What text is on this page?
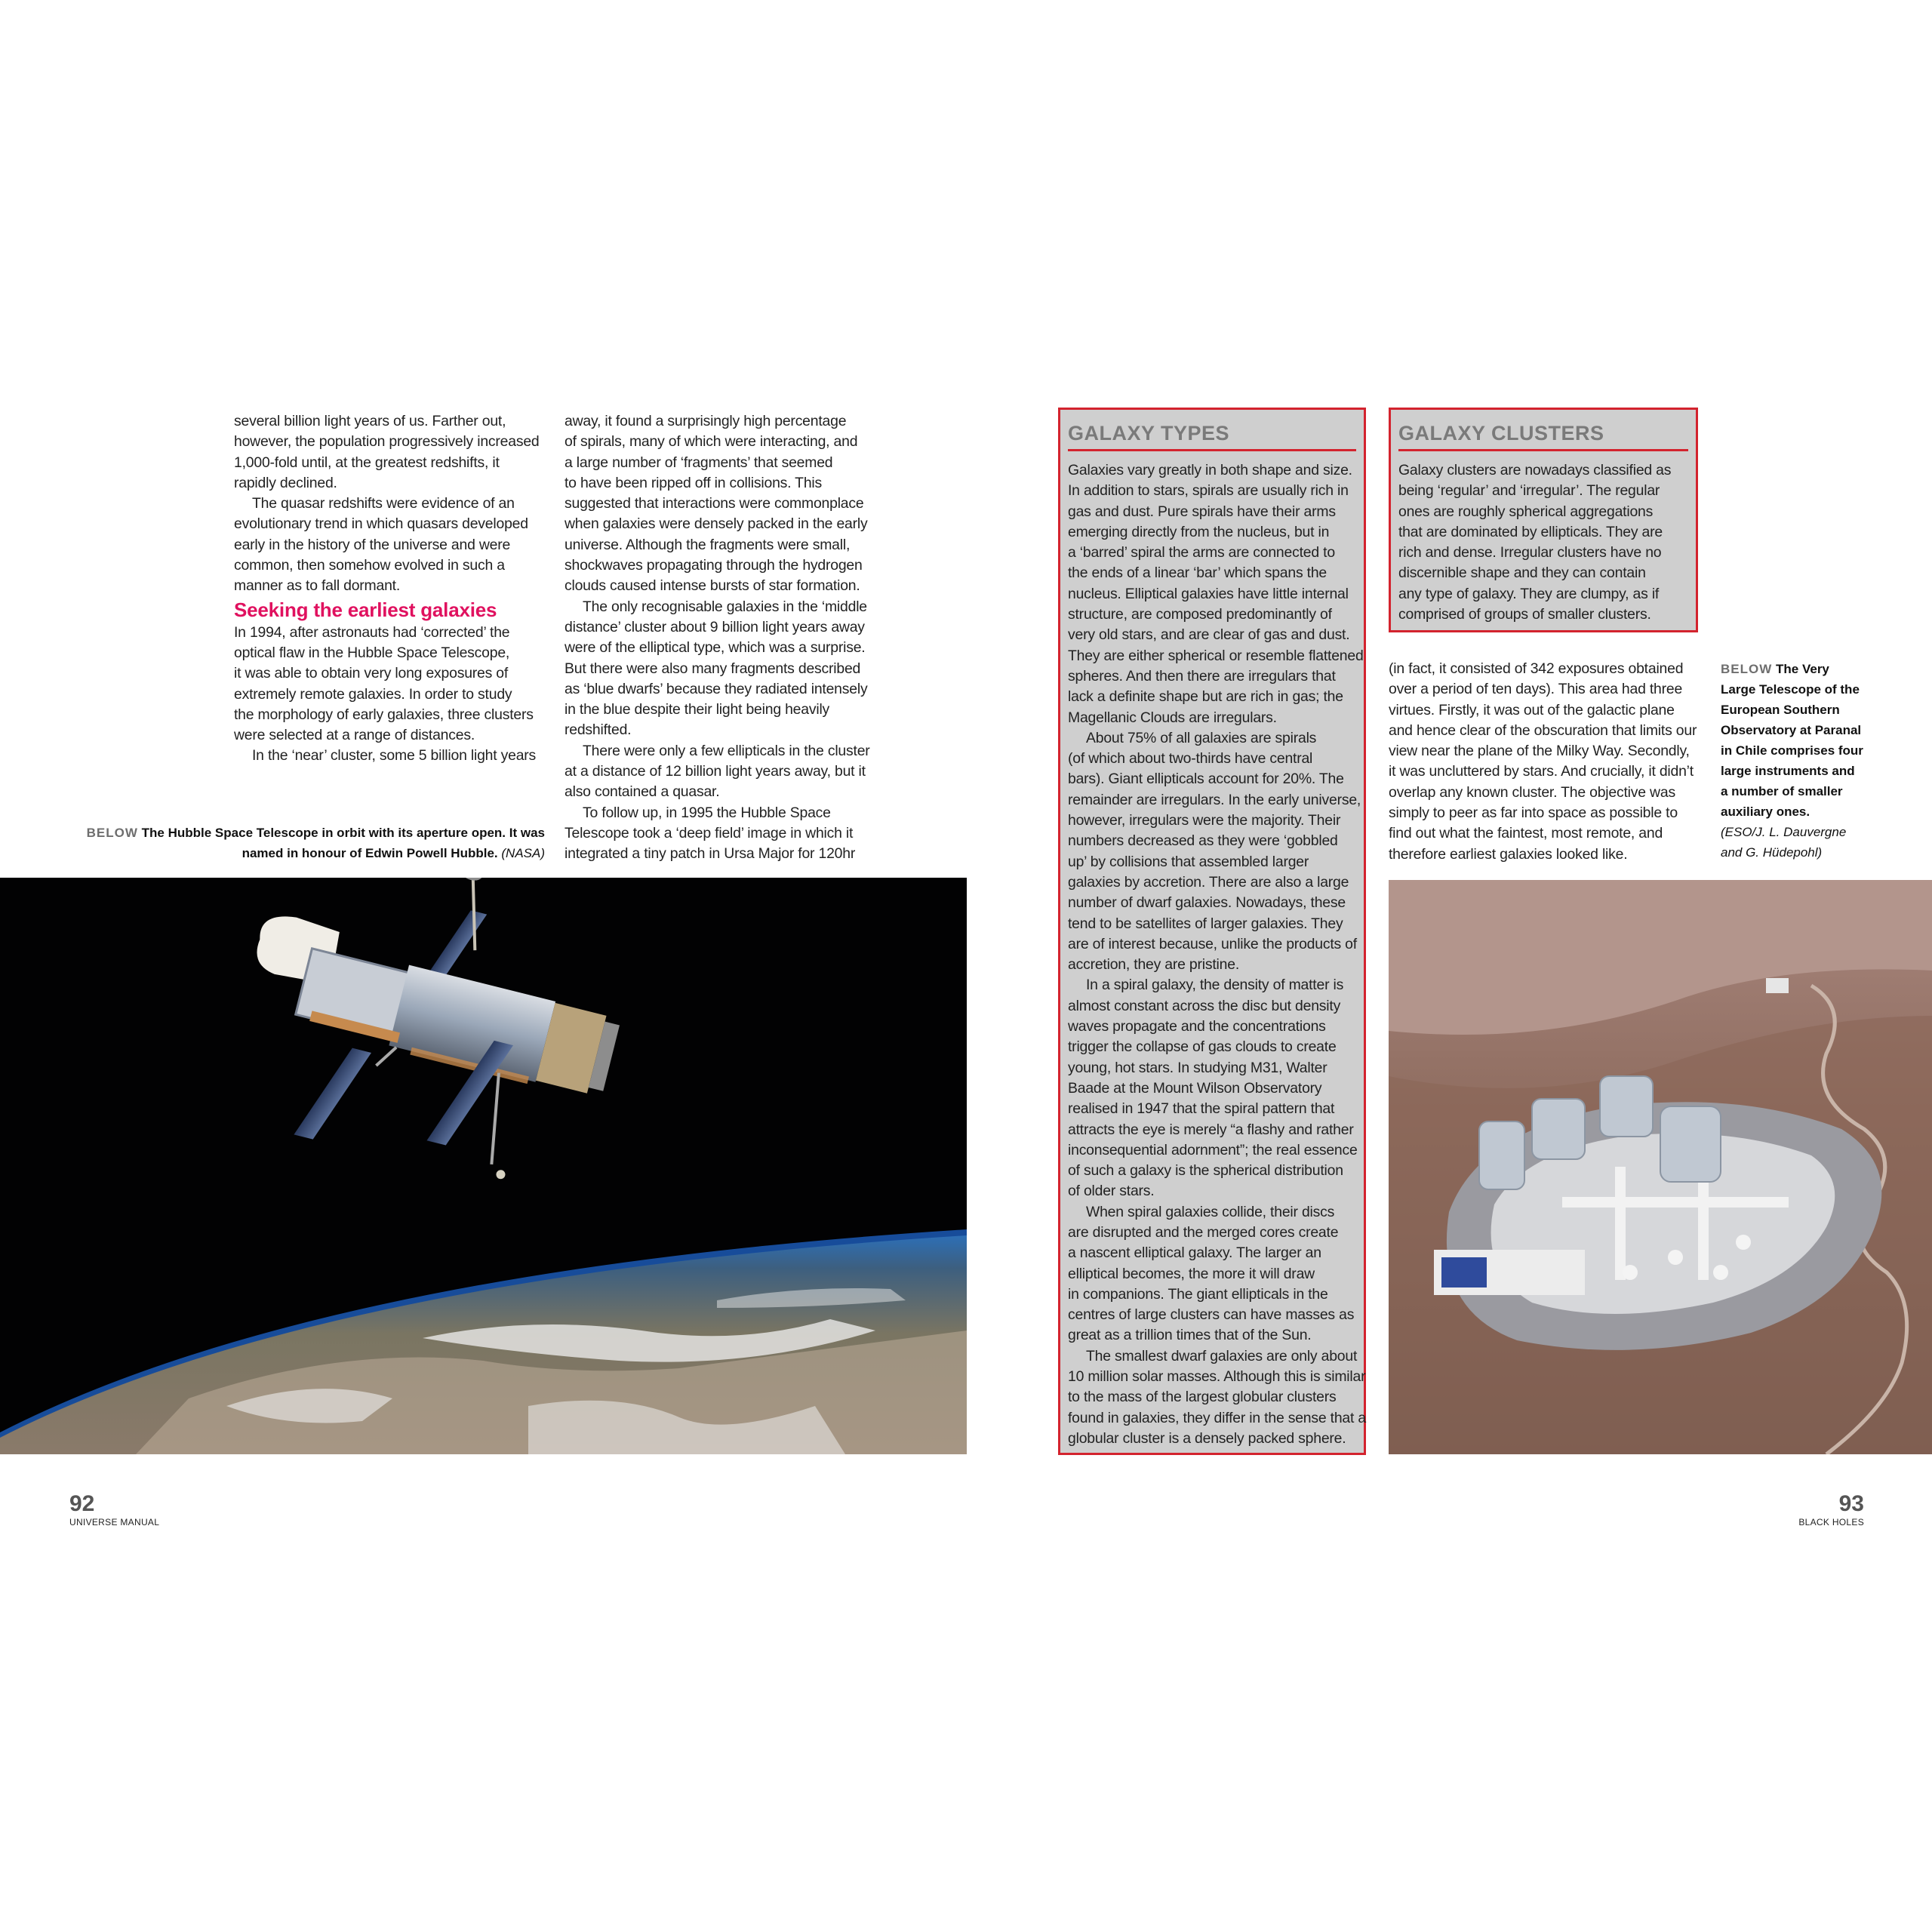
several billion light years of us. Farther out,

however, the population progressively increased

1,000-fold until, at the greatest redshifts, it

rapidly declined.

The quasar redshifts were evidence of an

evolutionary trend in which quasars developed

early in the history of the universe and were

common, then somehow evolved in such a

manner as to fall dormant.

Seeking the earliest galaxies

In 1994, after astronauts had ‘corrected’ the

optical flaw in the Hubble Space Telescope,

it was able to obtain very long exposures of

extremely remote galaxies. In order to study

the morphology of early galaxies, three clusters

were selected at a range of distances.

In the ‘near’ cluster, some 5 billion light years

away, it found a surprisingly high percentage

of spirals, many of which were interacting, and

a large number of ‘fragments’ that seemed

to have been ripped off in collisions. This

suggested that interactions were commonplace

when galaxies were densely packed in the early

universe. Although the fragments were small,

shockwaves propagating through the hydrogen

clouds caused intense bursts of star formation.

The only recognisable galaxies in the ‘middle

distance’ cluster about 9 billion light years away

were of the elliptical type, which was a surprise.

But there were also many fragments described

as ‘blue dwarfs’ because they radiated intensely

in the blue despite their light being heavily

redshifted.

There were only a few ellipticals in the cluster

at a distance of 12 billion light years away, but it

also contained a quasar.

To follow up, in 1995 the Hubble Space

Telescope took a ‘deep field’ image in which it

integrated a tiny patch in Ursa Major for 120hr

BELOW The Hubble Space Telescope in orbit with its aperture open. It was

named in honour of Edwin Powell Hubble. (NASA)

92
UNIVERSE MANUAL
GALAXY TYPES

Galaxies vary greatly in both shape and size.

In addition to stars, spirals are usually rich in

gas and dust. Pure spirals have their arms

emerging directly from the nucleus, but in

a ‘barred’ spiral the arms are connected to

the ends of a linear ‘bar’ which spans the

nucleus. Elliptical galaxies have little internal

structure, are composed predominantly of

very old stars, and are clear of gas and dust.

They are either spherical or resemble flattened

spheres. And then there are irregulars that

lack a definite shape but are rich in gas; the

Magellanic Clouds are irregulars.

About 75% of all galaxies are spirals

(of which about two-thirds have central

bars). Giant ellipticals account for 20%. The

remainder are irregulars. In the early universe,

however, irregulars were the majority. Their

numbers decreased as they were ‘gobbled

up’ by collisions that assembled larger

galaxies by accretion. There are also a large

number of dwarf galaxies. Nowadays, these

tend to be satellites of larger galaxies. They

are of interest because, unlike the products of

accretion, they are pristine.

In a spiral galaxy, the density of matter is

almost constant across the disc but density

waves propagate and the concentrations

trigger the collapse of gas clouds to create

young, hot stars. In studying M31, Walter

Baade at the Mount Wilson Observatory

realised in 1947 that the spiral pattern that

attracts the eye is merely “a flashy and rather

inconsequential adornment”; the real essence

of such a galaxy is the spherical distribution

of older stars.

When spiral galaxies collide, their discs

are disrupted and the merged cores create

a nascent elliptical galaxy. The larger an

elliptical becomes, the more it will draw

in companions. The giant ellipticals in the

centres of large clusters can have masses as

great as a trillion times that of the Sun.

The smallest dwarf galaxies are only about

10 million solar masses. Although this is similar

to the mass of the largest globular clusters

found in galaxies, they differ in the sense that a

globular cluster is a densely packed sphere.

GALAXY CLUSTERS

Galaxy clusters are nowadays classified as

being ‘regular’ and ‘irregular’. The regular

ones are roughly spherical aggregations

that are dominated by ellipticals. They are

rich and dense. Irregular clusters have no

discernible shape and they can contain

any type of galaxy. They are clumpy, as if

comprised of groups of smaller clusters.

(in fact, it consisted of 342 exposures obtained

over a period of ten days). This area had three

virtues. Firstly, it was out of the galactic plane

and hence clear of the obscuration that limits our

view near the plane of the Milky Way. Secondly,

it was uncluttered by stars. And crucially, it didn’t

overlap any known cluster. The objective was

simply to peer as far into space as possible to

find out what the faintest, most remote, and

therefore earliest galaxies looked like.

BELOW The Very

Large Telescope of the

European Southern

Observatory at Paranal

in Chile comprises four

large instruments and

a number of smaller

auxiliary ones.

(ESO/J. L. Dauvergne

and G. Hüdepohl)

93
BLACK HOLES
